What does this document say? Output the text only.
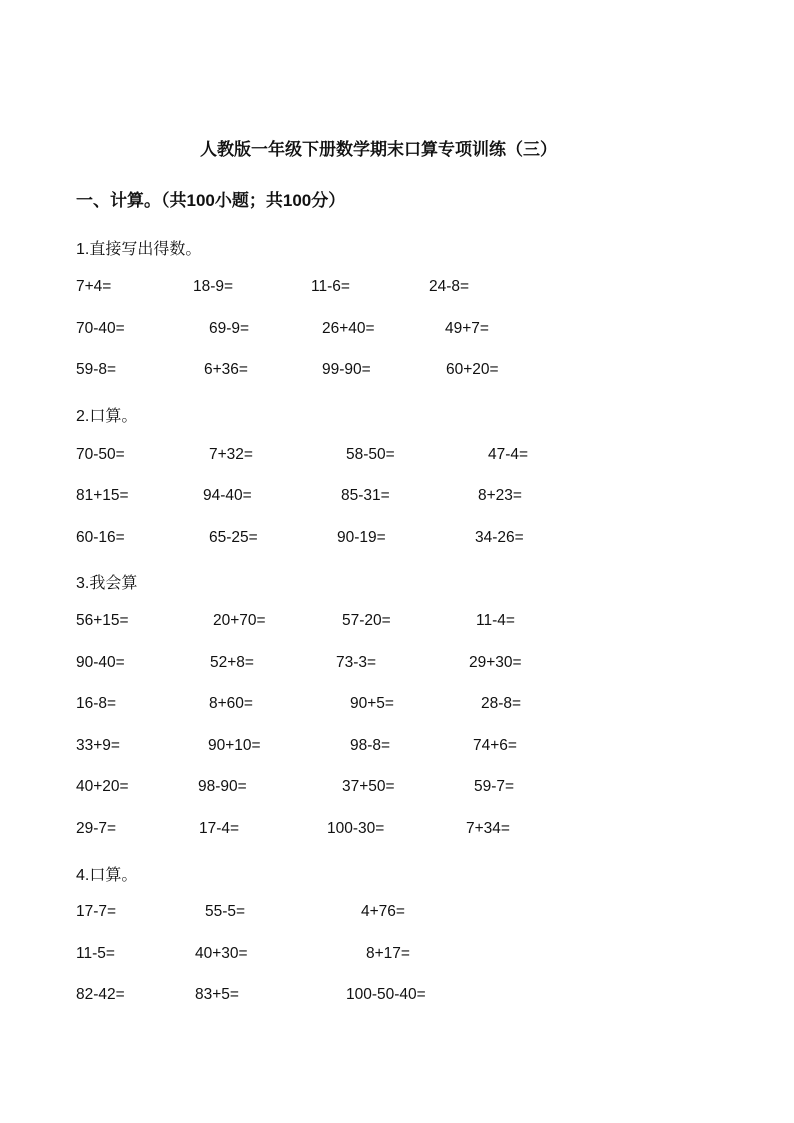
人教版一年级下册数学期末口算专项训练（三）
一、计算。（共100小题；共100分）
1.直接写出得数。
7+4=	18-9=	11-6=	24-8=
70-40=	69-9=	26+40=	49+7=
59-8=	6+36=	99-90=	60+20=
2.口算。
70-50=	7+32=	58-50=	47-4=
81+15=	94-40=	85-31=	8+23=
60-16=	65-25=	90-19=	34-26=
3.我会算
56+15=	20+70=	57-20=	11-4=
90-40=	52+8=	73-3=	29+30=
16-8=	8+60=	90+5=	28-8=
33+9=	90+10=	98-8=	74+6=
40+20=	98-90=	37+50=	59-7=
29-7=	17-4=	100-30=	7+34=
4.口算。
17-7=	55-5=	4+76=
11-5=	40+30=	8+17=
82-42=	83+5=	100-50-40=
